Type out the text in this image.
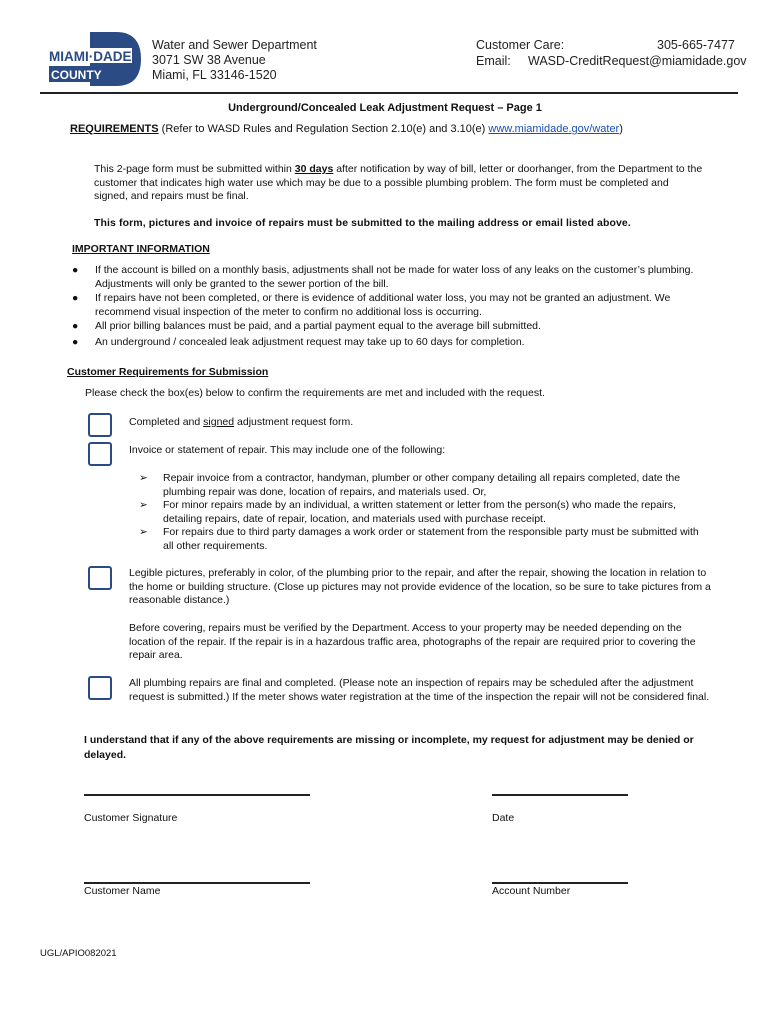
MIAMI·DADE
COUNTY
Water and Sewer Department
3071 SW 38 Avenue
Miami, FL 33146-1520
Customer Care:	305-665-7477
Email: WASD-CreditRequest@miamidade.gov
Underground/Concealed Leak Adjustment Request – Page 1
REQUIREMENTS (Refer to WASD Rules and Regulation Section 2.10(e) and 3.10(e) www.miamidade.gov/water)
This 2-page form must be submitted within 30 days after notification by way of bill, letter or doorhanger, from the Department to the customer that indicates high water use which may be due to a possible plumbing problem. The form must be completed and signed, and repairs must be final.
This form, pictures and invoice of repairs must be submitted to the mailing address or email listed above.
IMPORTANT INFORMATION
● If the account is billed on a monthly basis, adjustments shall not be made for water loss of any leaks on the customer’s plumbing. Adjustments will only be granted to the sewer portion of the bill.
● If repairs have not been completed, or there is evidence of additional water loss, you may not be granted an adjustment. We recommend visual inspection of the meter to confirm no additional loss is occurring.
● All prior billing balances must be paid, and a partial payment equal to the average bill submitted.
● An underground / concealed leak adjustment request may take up to 60 days for completion.
Customer Requirements for Submission
Please check the box(es) below to confirm the requirements are met and included with the request.
Completed and signed adjustment request form.
Invoice or statement of repair. This may include one of the following:
➢ Repair invoice from a contractor, handyman, plumber or other company detailing all repairs completed, date the plumbing repair was done, location of repairs, and materials used. Or,
➢ For minor repairs made by an individual, a written statement or letter from the person(s) who made the repairs, detailing repairs, date of repair, location, and materials used with purchase receipt.
➢ For repairs due to third party damages a work order or statement from the responsible party must be submitted with all other requirements.
Legible pictures, preferably in color, of the plumbing prior to the repair, and after the repair, showing the location in relation to the home or building structure. (Close up pictures may not provide evidence of the location, so be sure to take pictures from a reasonable distance.)
Before covering, repairs must be verified by the Department. Access to your property may be needed depending on the location of the repair. If the repair is in a hazardous traffic area, photographs of the repair are required prior to covering the repair area.
All plumbing repairs are final and completed. (Please note an inspection of repairs may be scheduled after the adjustment request is submitted.) If the meter shows water registration at the time of the inspection the repair will not be considered final.
I understand that if any of the above requirements are missing or incomplete, my request for adjustment may be denied or delayed.
Customer Signature	Date
Customer Name	Account Number
UGL/APIO082021
